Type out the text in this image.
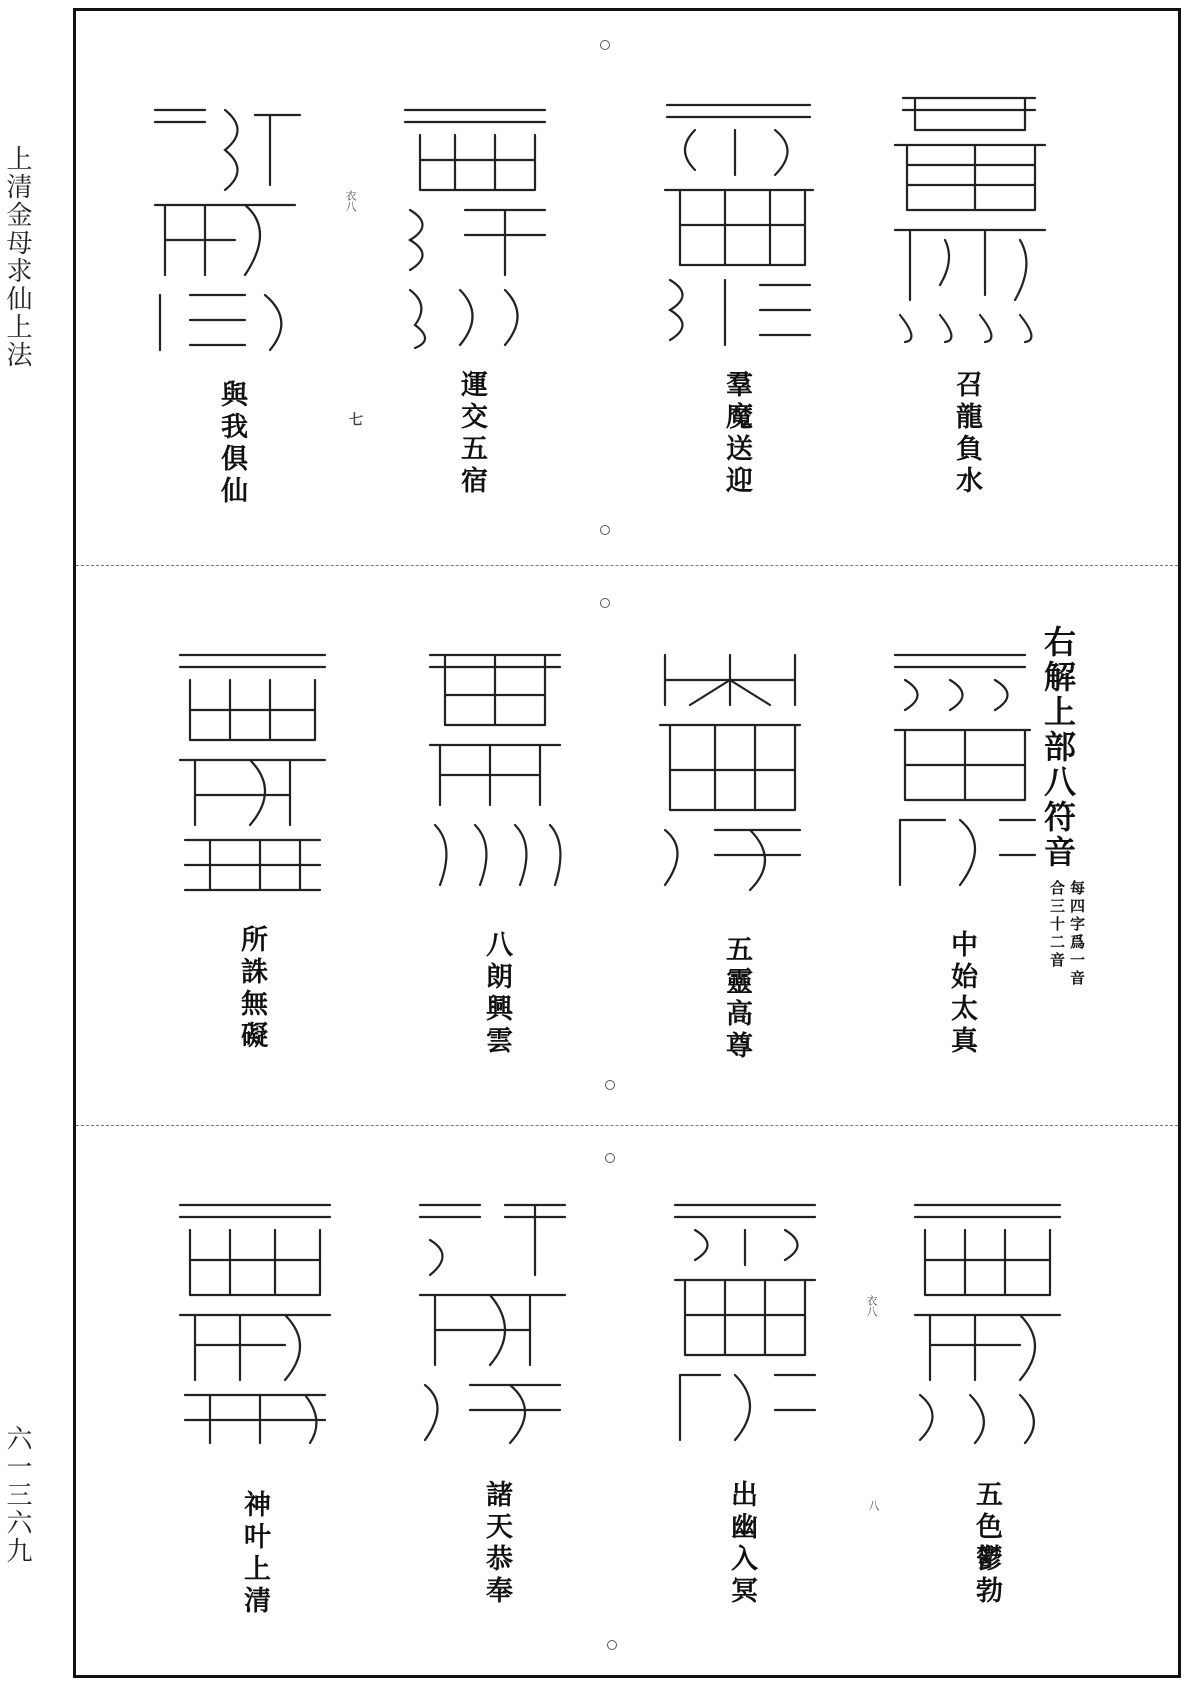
上清金母求仙上法
六一三六九
召龍負水
羣魔送迎
運交五宿
衣八
七
與我俱仙
右解上部八符音
每四字爲一音
合三十二音
中始太真
五靈高尊
八朗興雲
所誅無礙
五色鬱勃
衣八
八
出幽入冥
諸天恭奉
神叶上清
